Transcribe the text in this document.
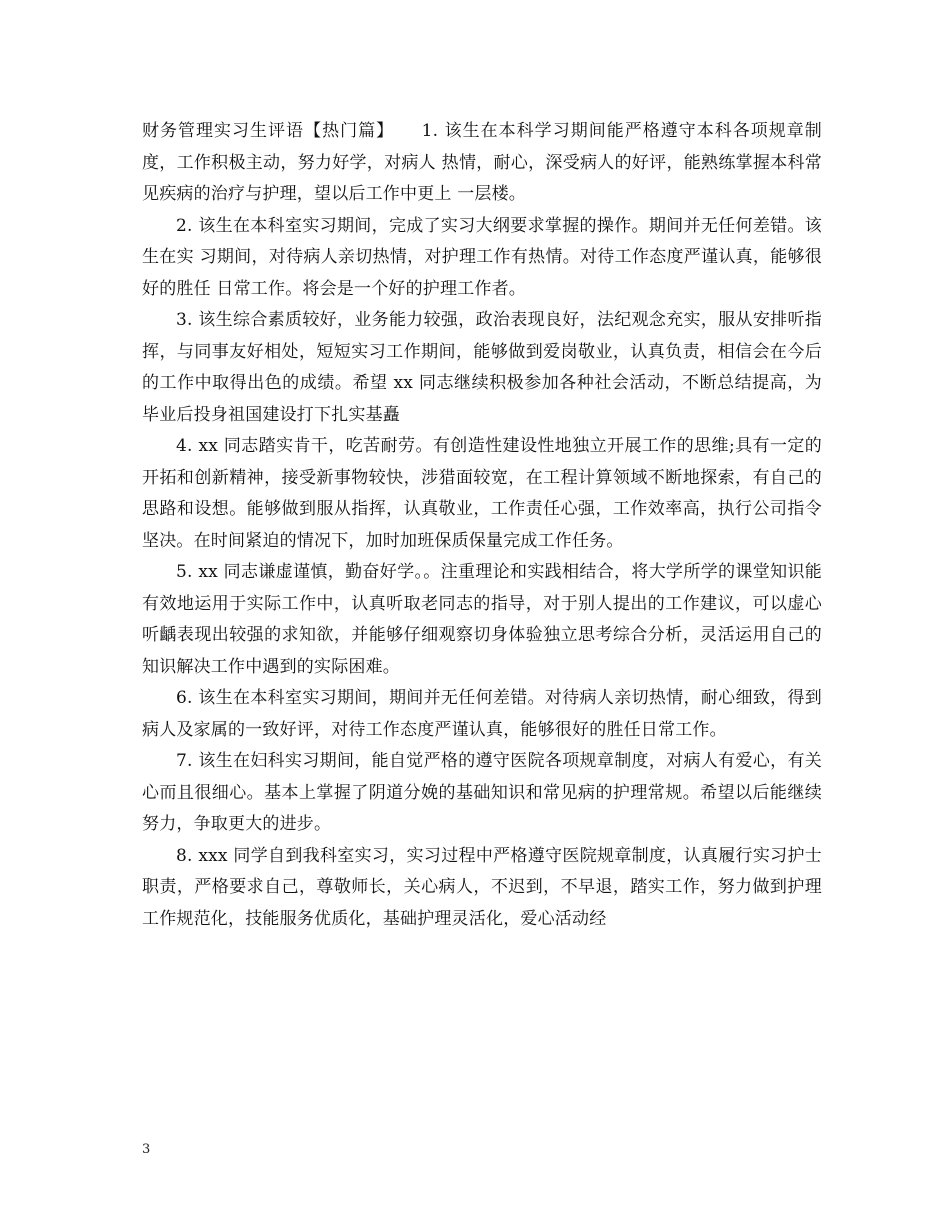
财务管理实习生评语【热门篇】　　1. 该生在本科学习期间能严格遵守本科各项规章制度，工作积极主动，努力好学，对病人 热情，耐心，深受病人的好评，能熟练掌握本科常见疾病的治疗与护理，望以后工作中更上 一层楼。

2. 该生在本科室实习期间，完成了实习大纲要求掌握的操作。期间并无任何差错。该生在实 习期间，对待病人亲切热情，对护理工作有热情。对待工作态度严谨认真，能够很好的胜任 日常工作。将会是一个好的护理工作者。

3. 该生综合素质较好，业务能力较强，政治表现良好，法纪观念充实，服从安排听指挥，与同事友好相处，短短实习工作期间，能够做到爱岗敬业，认真负责，相信会在今后的工作中取得出色的成绩。希望 xx 同志继续积极参加各种社会活动，不断总结提高，为毕业后投身祖国建设打下扎实基矗

4. xx 同志踏实肯干，吃苦耐劳。有创造性建设性地独立开展工作的思维;具有一定的开拓和创新精神，接受新事物较快，涉猎面较宽，在工程计算领域不断地探索，有自己的思路和设想。能够做到服从指挥，认真敬业，工作责任心强，工作效率高，执行公司指令坚决。在时间紧迫的情况下，加时加班保质保量完成工作任务。

5. xx 同志谦虚谨慎，勤奋好学。。注重理论和实践相结合，将大学所学的课堂知识能有效地运用于实际工作中，认真听取老同志的指导，对于别人提出的工作建议，可以虚心听齲表现出较强的求知欲，并能够仔细观察切身体验独立思考综合分析，灵活运用自己的知识解决工作中遇到的实际困难。

6. 该生在本科室实习期间，期间并无任何差错。对待病人亲切热情，耐心细致，得到病人及家属的一致好评，对待工作态度严谨认真，能够很好的胜任日常工作。

7. 该生在妇科实习期间，能自觉严格的遵守医院各项规章制度，对病人有爱心，有关心而且很细心。基本上掌握了阴道分娩的基础知识和常见病的护理常规。希望以后能继续努力，争取更大的进步。

8. xxx 同学自到我科室实习，实习过程中严格遵守医院规章制度，认真履行实习护士职责，严格要求自己，尊敬师长，关心病人，不迟到，不早退，踏实工作，努力做到护理工作规范化，技能服务优质化，基础护理灵活化，爱心活动经

3
